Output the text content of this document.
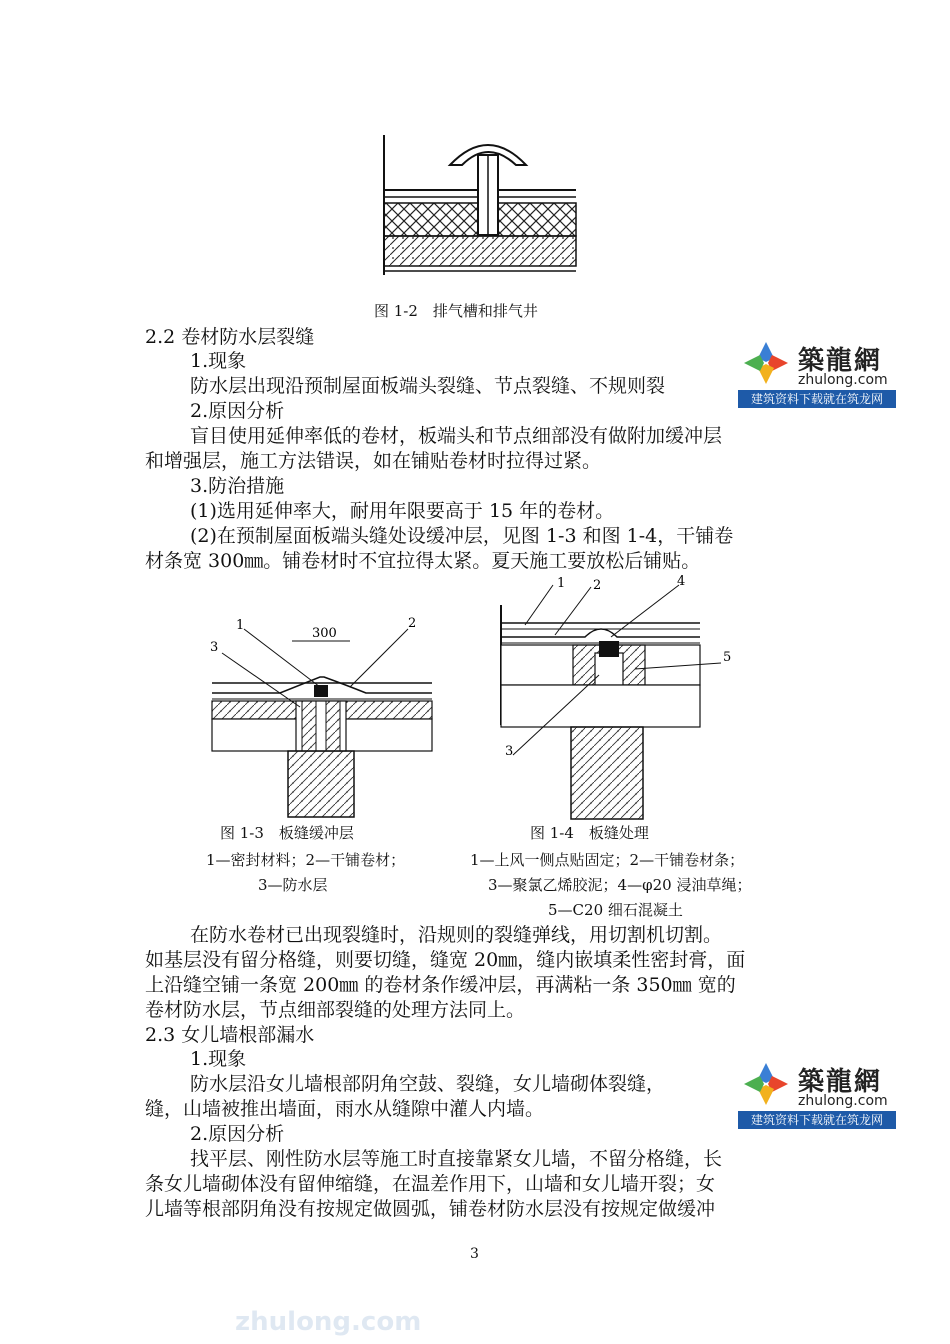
图 1-2　排气槽和排气井
2.2 卷材防水层裂缝
1.现象
防水层出现沿预制屋面板端头裂缝、节点裂缝、不规则裂
2.原因分析
盲目使用延伸率低的卷材，板端头和节点细部没有做附加缓冲层
和增强层，施工方法错误，如在铺贴卷材时拉得过紧。
3.防治措施
(1)选用延伸率大，耐用年限要高于 15 年的卷材。
(2)在预制屋面板端头缝处设缓冲层，见图 1-3 和图 1-4，干铺卷
材条宽 300㎜。铺卷材时不宜拉得太紧。夏天施工要放松后铺贴。
築龍網
zhulong.com
建筑资料下载就在筑龙网
1
300
2
3
1 2	4
5
3
图 1-3　板缝缓冲层
1—密封材料；2—干铺卷材；
3—防水层
图 1-4　板缝处理
1—上风一侧点贴固定；2—干铺卷材条；
3—聚氯乙烯胶泥；4—φ20 浸油草绳；
5—C20 细石混凝土
在防水卷材已出现裂缝时，沿规则的裂缝弹线，用切割机切割。
如基层没有留分格缝，则要切缝，缝宽 20㎜，缝内嵌填柔性密封膏，面
上沿缝空铺一条宽 200㎜ 的卷材条作缓冲层，再满粘一条 350㎜ 宽的
卷材防水层，节点细部裂缝的处理方法同上。
2.3 女儿墙根部漏水
1.现象
防水层沿女儿墙根部阴角空鼓、裂缝，女儿墙砌体裂缝，
缝，山墙被推出墙面，雨水从缝隙中灌人内墙。
2.原因分析
找平层、刚性防水层等施工时直接靠紧女儿墙，不留分格缝，长
条女儿墙砌体没有留伸缩缝，在温差作用下，山墙和女儿墙开裂；女
儿墙等根部阴角没有按规定做圆弧，铺卷材防水层没有按规定做缓冲
築龍網
zhulong.com
建筑资料下载就在筑龙网
3
zhulong.com
